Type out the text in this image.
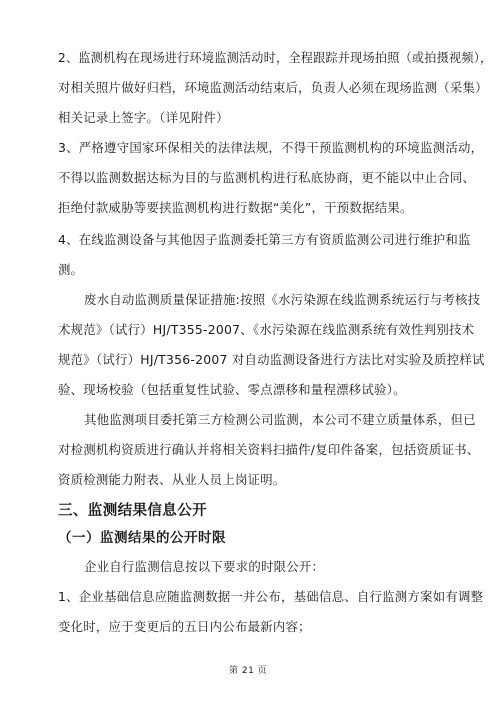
2、监测机构在现场进行环境监测活动时，全程跟踪并现场拍照（或拍摄视频），

对相关照片做好归档，环境监测活动结束后，负责人必须在现场监测（采集）

相关记录上签字。（详见附件）

3、严格遵守国家环保相关的法律法规，不得干预监测机构的环境监测活动，

不得以监测数据达标为目的与监测机构进行私底协商，更不能以中止合同、

拒绝付款威胁等要挟监测机构进行数据“美化”，干预数据结果。

4、在线监测设备与其他因子监测委托第三方有资质监测公司进行维护和监

测。

废水自动监测质量保证措施:按照《水污染源在线监测系统运行与考核技

术规范》（试行）HJ/T355-2007、《水污染源在线监测系统有效性判别技术

规范》（试行）HJ/T356-2007 对自动监测设备进行方法比对实验及质控样试

验、现场校验（包括重复性试验、零点漂移和量程漂移试验）。

其他监测项目委托第三方检测公司监测，本公司不建立质量体系，但已

对检测机构资质进行确认并将相关资料扫描件/复印件备案，包括资质证书、

资质检测能力附表、从业人员上岗证明。

三、监测结果信息公开
（一）监测结果的公开时限

企业自行监测信息按以下要求的时限公开：

1、企业基础信息应随监测数据一并公布，基础信息、自行监测方案如有调整

变化时，应于变更后的五日内公布最新内容；

第 21 页
